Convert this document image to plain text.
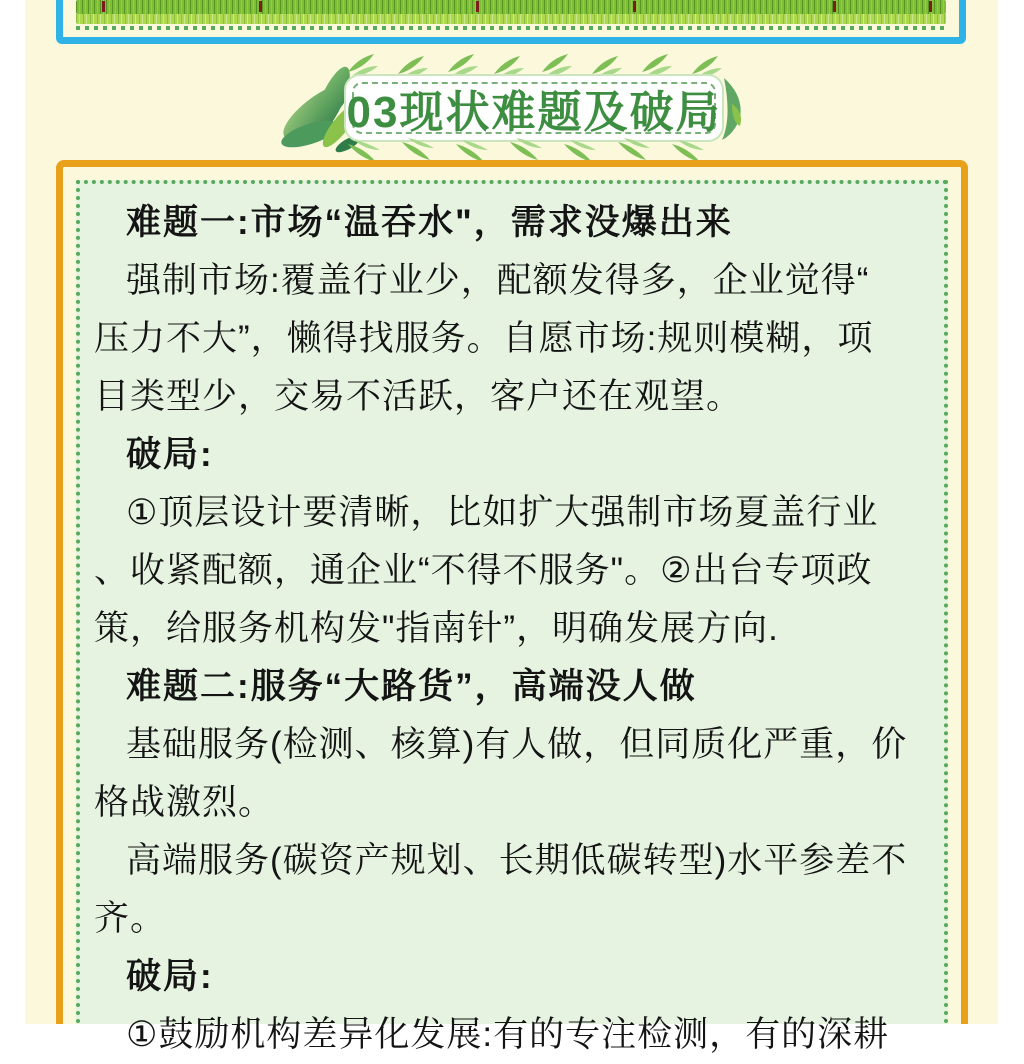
03现状难题及破局
难题一:市场“温吞水"，需求没爆出来
强制市场:覆盖行业少，配额发得多，企业觉得“
压力不大”，懒得找服务。自愿市场:规则模糊，项
目类型少，交易不活跃，客户还在观望。
破局:
①顶层设计要清晰，比如扩大强制市场夏盖行业
、收紧配额，通企业“不得不服务"。②出台专项政
策，给服务机构发"指南针”，明确发展方向.
难题二:服务“大路货”，高端没人做
基础服务(检测、核算)有人做，但同质化严重，价
格战激烈。
高端服务(碳资产规划、长期低碳转型)水平参差不
齐。
破局:
①鼓励机构差异化发展:有的专注检测，有的深耕
